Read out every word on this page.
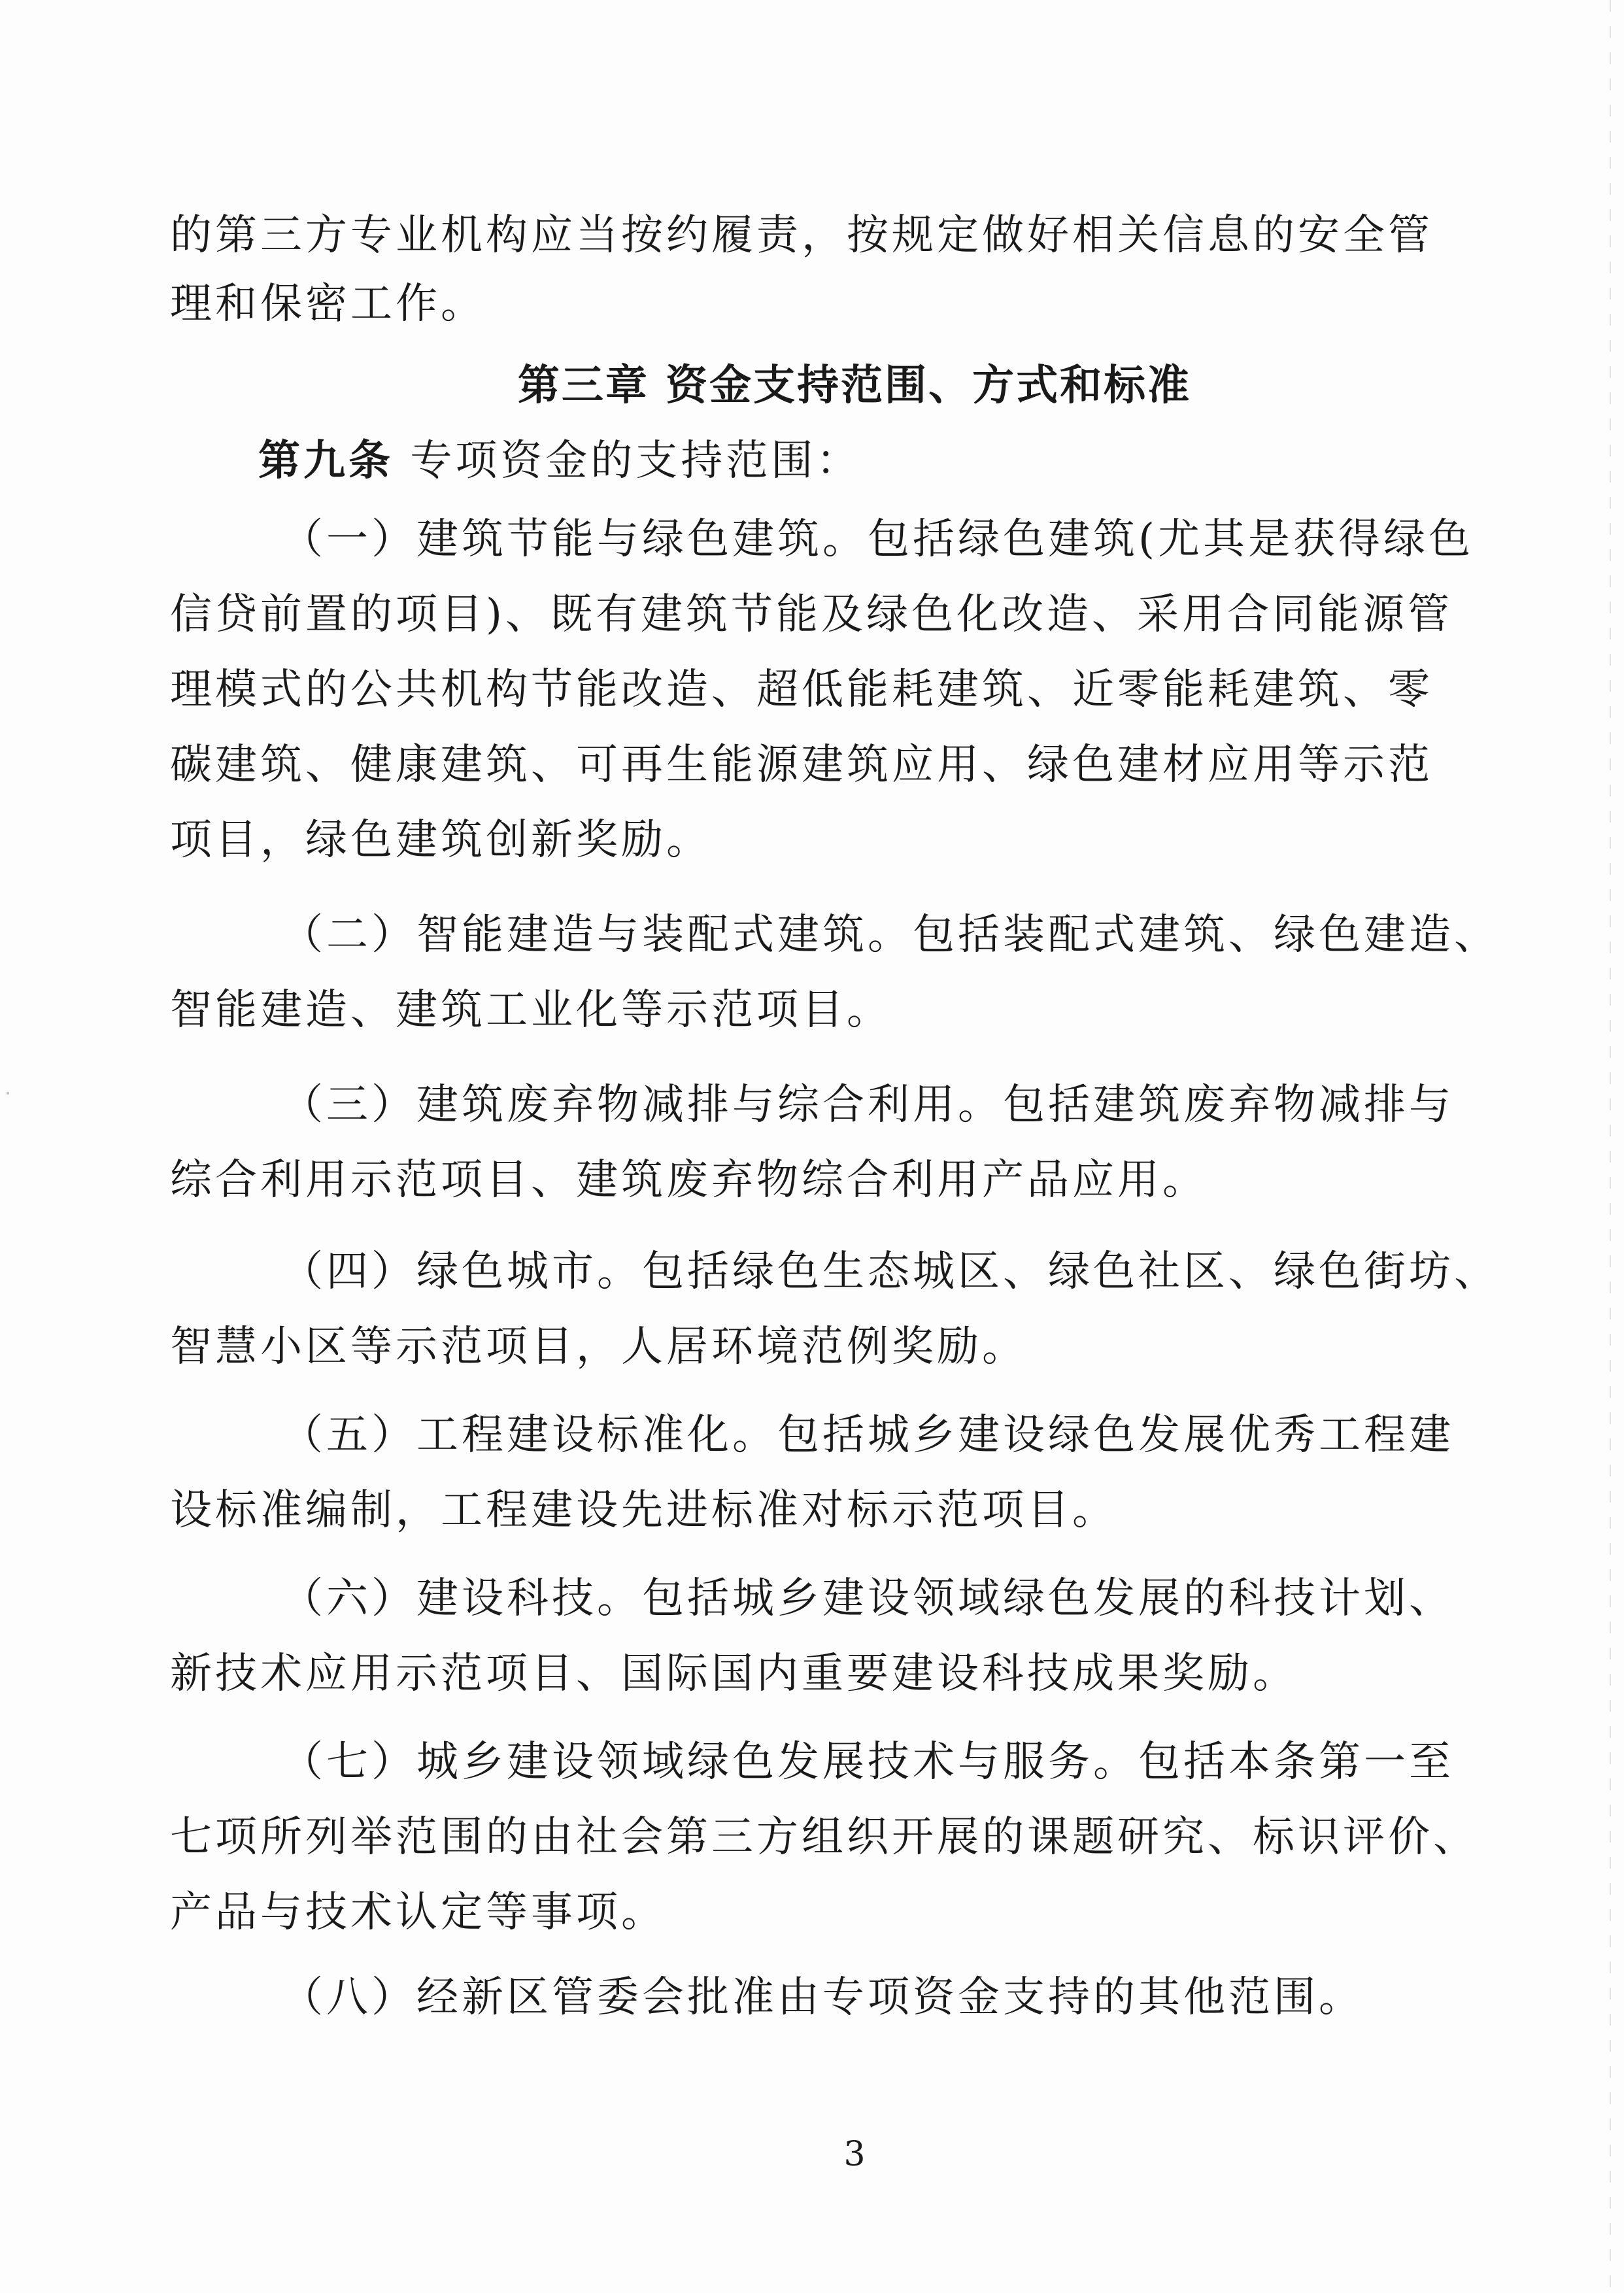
的第三方专业机构应当按约履责，按规定做好相关信息的安全管
理和保密工作。
第三章 资金支持范围、方式和标准
第九条 专项资金的支持范围：
（一）建筑节能与绿色建筑。包括绿色建筑(尤其是获得绿色
信贷前置的项目)、既有建筑节能及绿色化改造、采用合同能源管
理模式的公共机构节能改造、超低能耗建筑、近零能耗建筑、零
碳建筑、健康建筑、可再生能源建筑应用、绿色建材应用等示范
项目，绿色建筑创新奖励。
（二）智能建造与装配式建筑。包括装配式建筑、绿色建造、
智能建造、建筑工业化等示范项目。
（三）建筑废弃物减排与综合利用。包括建筑废弃物减排与
综合利用示范项目、建筑废弃物综合利用产品应用。
（四）绿色城市。包括绿色生态城区、绿色社区、绿色街坊、
智慧小区等示范项目，人居环境范例奖励。
（五）工程建设标准化。包括城乡建设绿色发展优秀工程建
设标准编制，工程建设先进标准对标示范项目。
（六）建设科技。包括城乡建设领域绿色发展的科技计划、
新技术应用示范项目、国际国内重要建设科技成果奖励。
（七）城乡建设领域绿色发展技术与服务。包括本条第一至
七项所列举范围的由社会第三方组织开展的课题研究、标识评价、
产品与技术认定等事项。
（八）经新区管委会批准由专项资金支持的其他范围。
3
